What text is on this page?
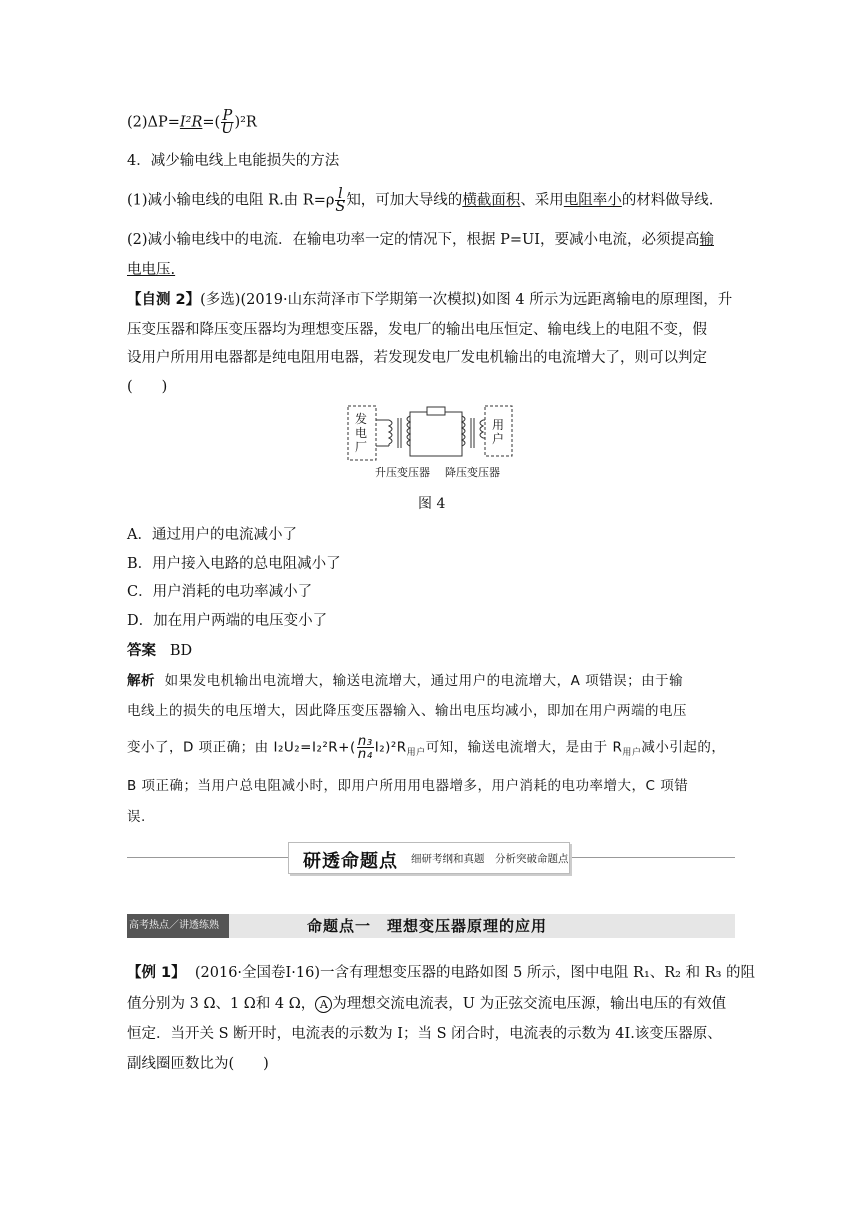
$(2)\Delta P=I^2R=( \frac{P}{U} )^2R$
4．减少输电线上电能损失的方法
(1)减小输电线的电阻 R.由 $R=\rho \frac{l}{S}$ 知，可加大导线的横截面积、采用电阻率小的材料做导线.
(2)减小输电线中的电流．在输电功率一定的情况下，根据 P=UI，要减小电流，必须提高输
电电压.
【自测 2】(多选)(2019·山东菏泽市下学期第一次模拟)如图 4 所示为远距离输电的原理图，升
压变压器和降压变压器均为理想变压器，发电厂的输出电压恒定、输电线上的电阻不变，假
设用户所用用电器都是纯电阻用电器，若发现发电厂发电机输出的电流增大了，则可以判定
(　　)
发电厂
用户
升压变压器 降压变压器
图 4
A．通过用户的电流减小了
B．用户接入电路的总电阻减小了
C．用户消耗的电功率减小了
D．加在用户两端的电压变小了
答案 BD
解析 如果发电机输出电流增大，输送电流增大，通过用户的电流增大，A 项错误；由于输
电线上的损失的电压增大，因此降压变压器输入、输出电压均减小，即加在用户两端的电压
变小了，D 项正确；由 $I_2U_2=I_2^2R+( \frac{\text{n₃}}{\text{n₄}} I_2)^2R_{用户}$可知，输送电流增大，是由于 $R_{用户}$减小引起的，
B 项正确；当用户总电阻减小时，即用户所用用电器增多，用户消耗的电功率增大，C 项错
误.
研透命题点 细研考纲和真题　分析突破命题点
高考热点／讲透练熟	命题点一　理想变压器原理的应用
【例 1】 (2016·全国卷Ⅰ·16)一含有理想变压器的电路如图 5 所示，图中电阻 R₁、R₂ 和 R₃ 的阻
值分别为 3 Ω、1 Ω和 4 Ω， A 为理想交流电流表，U 为正弦交流电压源，输出电压的有效值
恒定．当开关 S 断开时，电流表的示数为 I；当 S 闭合时，电流表的示数为 4I.该变压器原、
副线圈匝数比为(　　)
